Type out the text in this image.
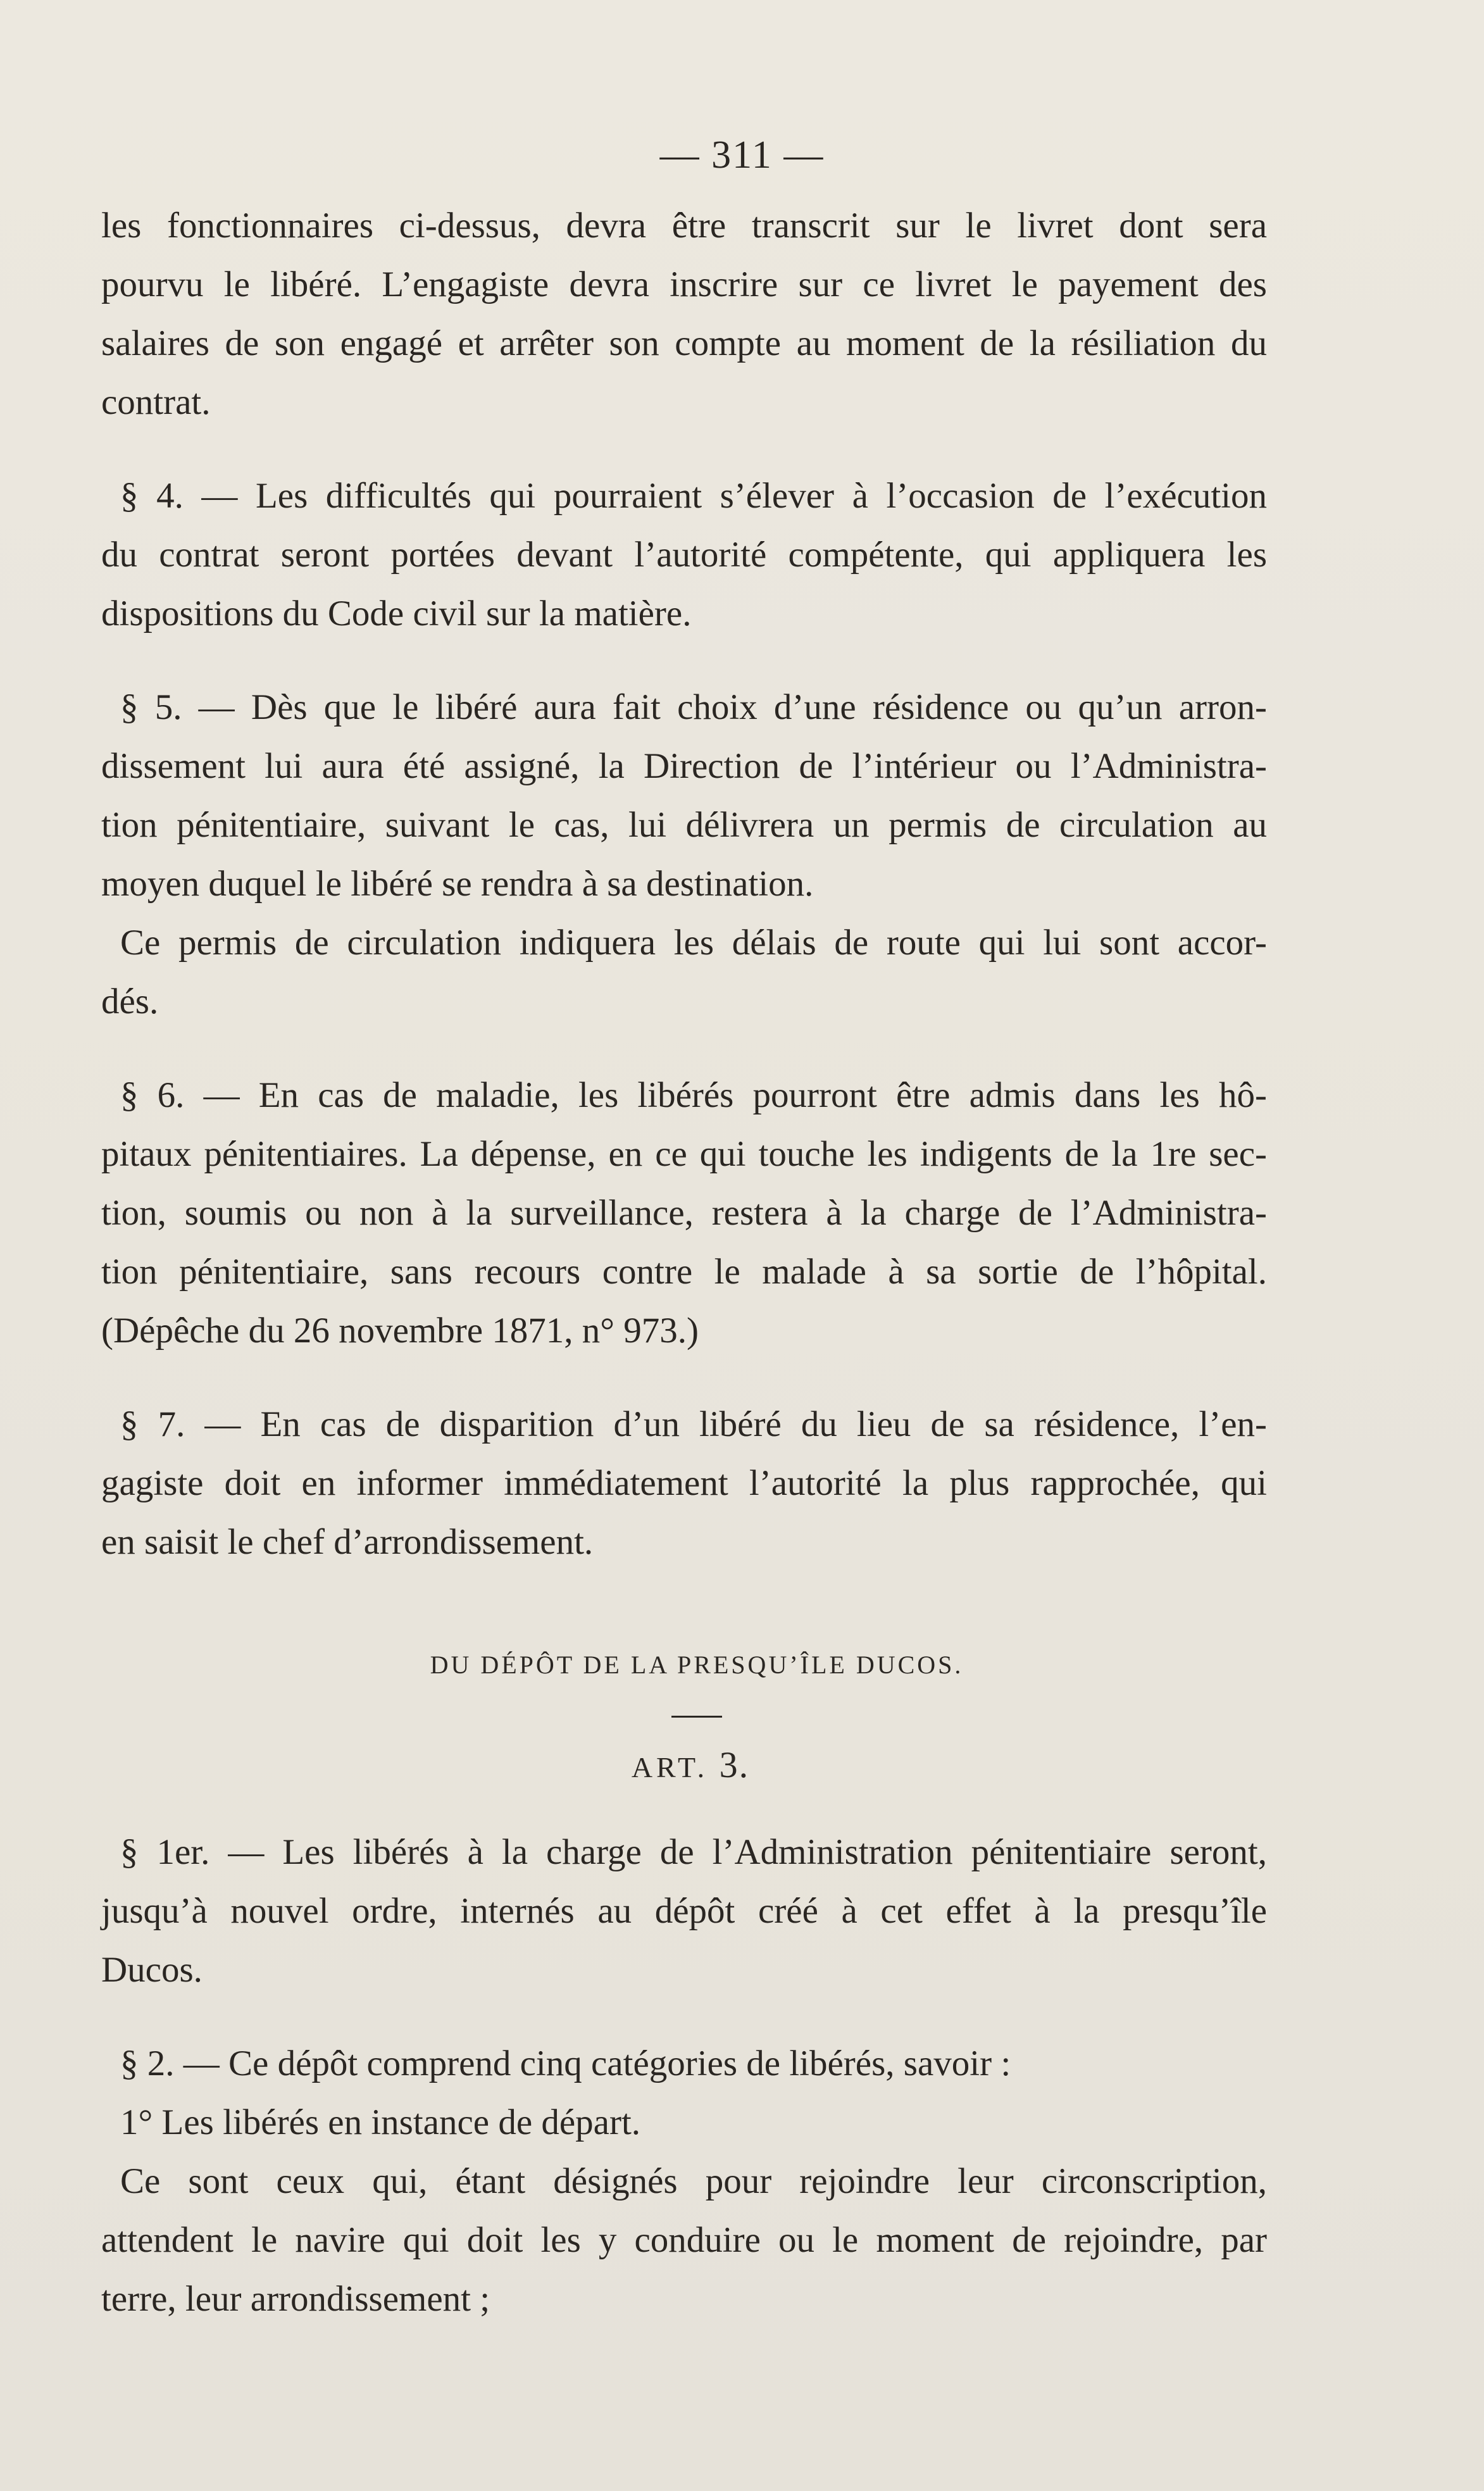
— 311 —
les fonctionnaires ci-dessus, devra être transcrit sur le livret dont sera
pourvu le libéré. L’engagiste devra inscrire sur ce livret le payement des
salaires de son engagé et arrêter son compte au moment de la résiliation du
contrat.
§ 4. — Les difficultés qui pourraient s’élever à l’occasion de l’exécution
du contrat seront portées devant l’autorité compétente, qui appliquera les
dispositions du Code civil sur la matière.
§ 5. — Dès que le libéré aura fait choix d’une résidence ou qu’un arron-
dissement lui aura été assigné, la Direction de l’intérieur ou l’Administra-
tion pénitentiaire, suivant le cas, lui délivrera un permis de circulation au
moyen duquel le libéré se rendra à sa destination.
Ce permis de circulation indiquera les délais de route qui lui sont accor-
dés.
§ 6. — En cas de maladie, les libérés pourront être admis dans les hô-
pitaux pénitentiaires. La dépense, en ce qui touche les indigents de la 1re sec-
tion, soumis ou non à la surveillance, restera à la charge de l’Administra-
tion pénitentiaire, sans recours contre le malade à sa sortie de l’hôpital.
(Dépêche du 26 novembre 1871, n° 973.)
§ 7. — En cas de disparition d’un libéré du lieu de sa résidence, l’en-
gagiste doit en informer immédiatement l’autorité la plus rapprochée, qui
en saisit le chef d’arrondissement.
DU DÉPÔT DE LA PRESQU’ÎLE DUCOS.
ART. 3.
§ 1er. — Les libérés à la charge de l’Administration pénitentiaire seront,
jusqu’à nouvel ordre, internés au dépôt créé à cet effet à la presqu’île
Ducos.
§ 2. — Ce dépôt comprend cinq catégories de libérés, savoir :
1° Les libérés en instance de départ.
Ce sont ceux qui, étant désignés pour rejoindre leur circonscription,
attendent le navire qui doit les y conduire ou le moment de rejoindre, par
terre, leur arrondissement ;
